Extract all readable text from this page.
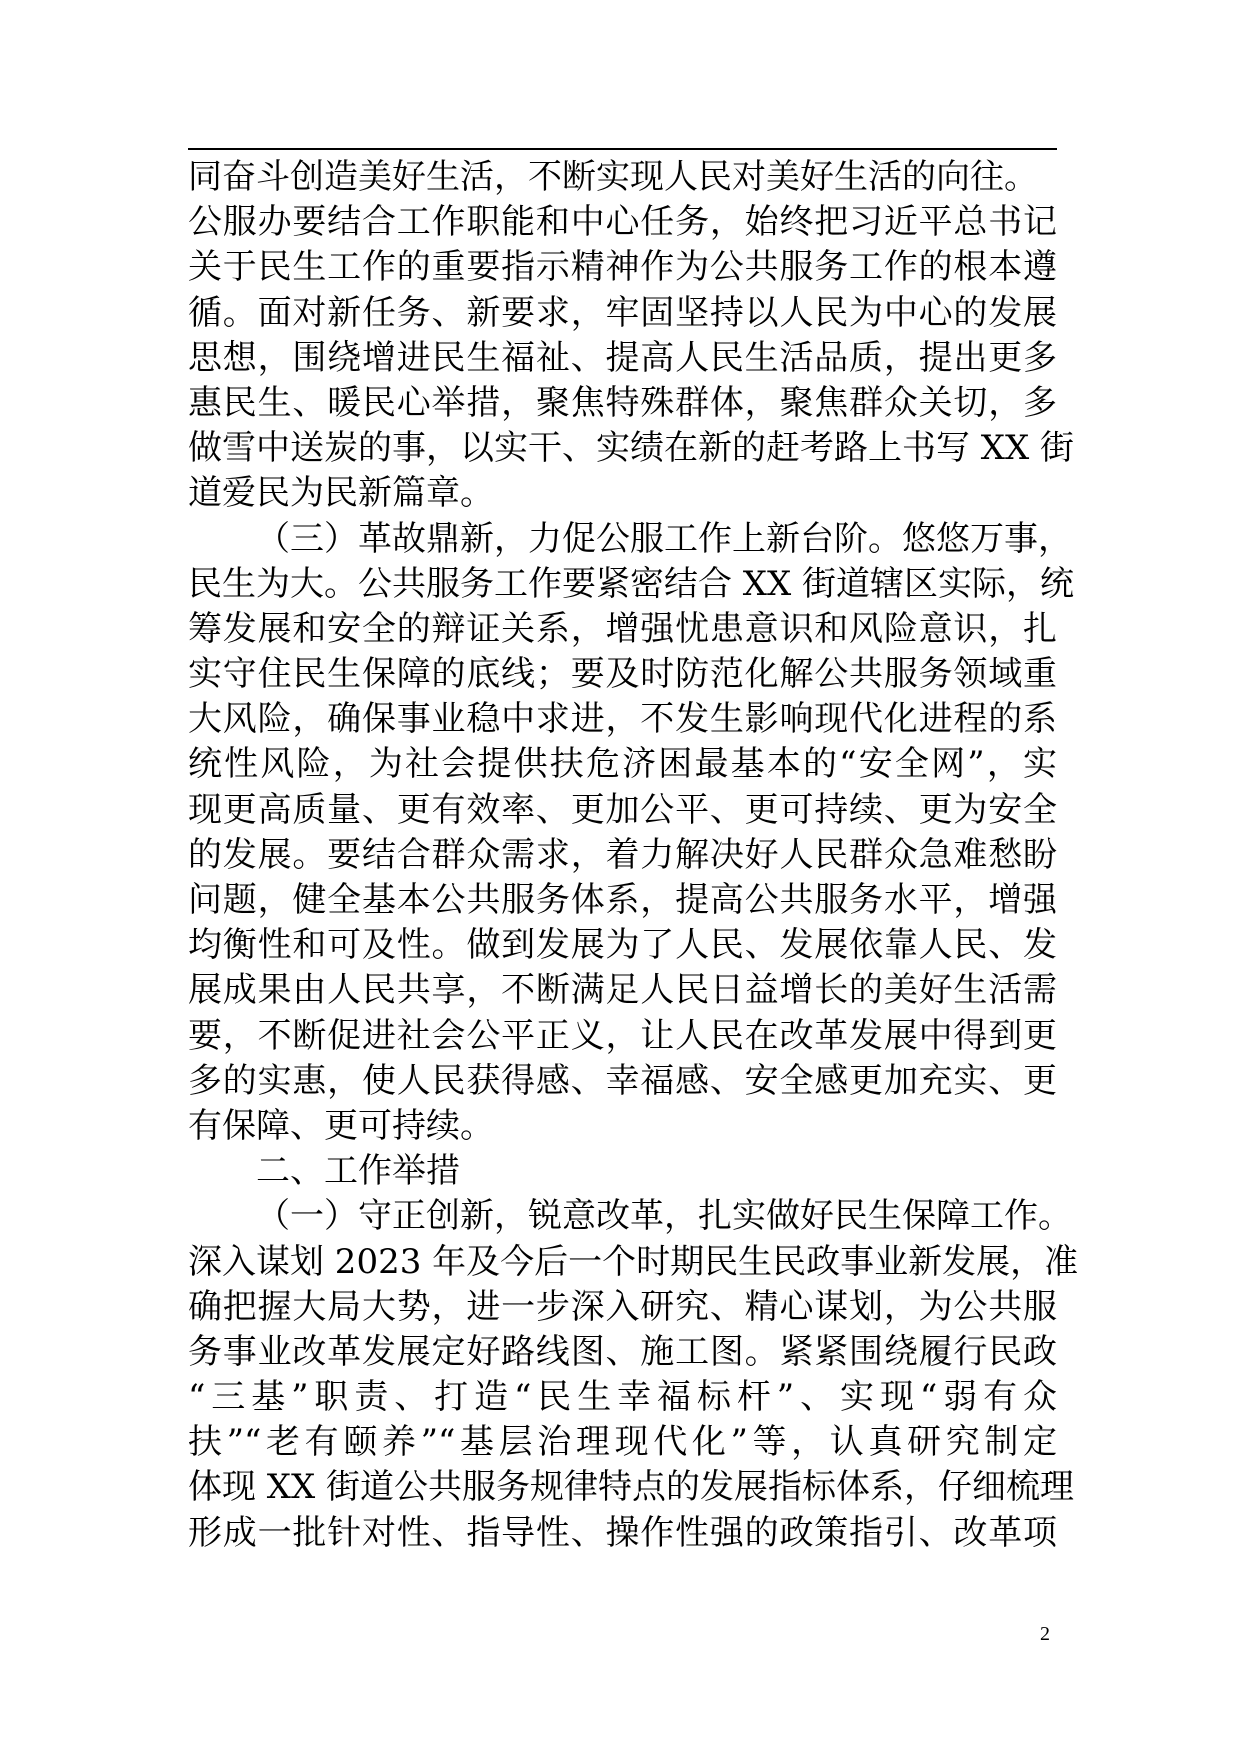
同奋斗创造美好生活，不断实现人民对美好生活的向往。
公服办要结合工作职能和中心任务，始终把习近平总书记
关于民生工作的重要指示精神作为公共服务工作的根本遵
循。面对新任务、新要求，牢固坚持以人民为中心的发展
思想，围绕增进民生福祉、提高人民生活品质，提出更多
惠民生、暖民心举措，聚焦特殊群体，聚焦群众关切，多
做雪中送炭的事，以实干、实绩在新的赶考路上书写 XX 街
道爱民为民新篇章。
（三）革故鼎新，力促公服工作上新台阶。悠悠万事，
民生为大。公共服务工作要紧密结合 XX 街道辖区实际，统
筹发展和安全的辩证关系，增强忧患意识和风险意识，扎
实守住民生保障的底线；要及时防范化解公共服务领域重
大风险，确保事业稳中求进，不发生影响现代化进程的系
统性风险，为社会提供扶危济困最基本的“安全网”，实
现更高质量、更有效率、更加公平、更可持续、更为安全
的发展。要结合群众需求，着力解决好人民群众急难愁盼
问题，健全基本公共服务体系，提高公共服务水平，增强
均衡性和可及性。做到发展为了人民、发展依靠人民、发
展成果由人民共享，不断满足人民日益增长的美好生活需
要，不断促进社会公平正义，让人民在改革发展中得到更
多的实惠，使人民获得感、幸福感、安全感更加充实、更
有保障、更可持续。
二、工作举措
（一）守正创新，锐意改革，扎实做好民生保障工作。
深入谋划 2023 年及今后一个时期民生民政事业新发展，准
确把握大局大势，进一步深入研究、精心谋划，为公共服
务事业改革发展定好路线图、施工图。紧紧围绕履行民政
“三基”职责、打造“民生幸福标杆”、实现“弱有众
扶”“老有颐养”“基层治理现代化”等，认真研究制定
体现 XX 街道公共服务规律特点的发展指标体系，仔细梳理
形成一批针对性、指导性、操作性强的政策指引、改革项
2
